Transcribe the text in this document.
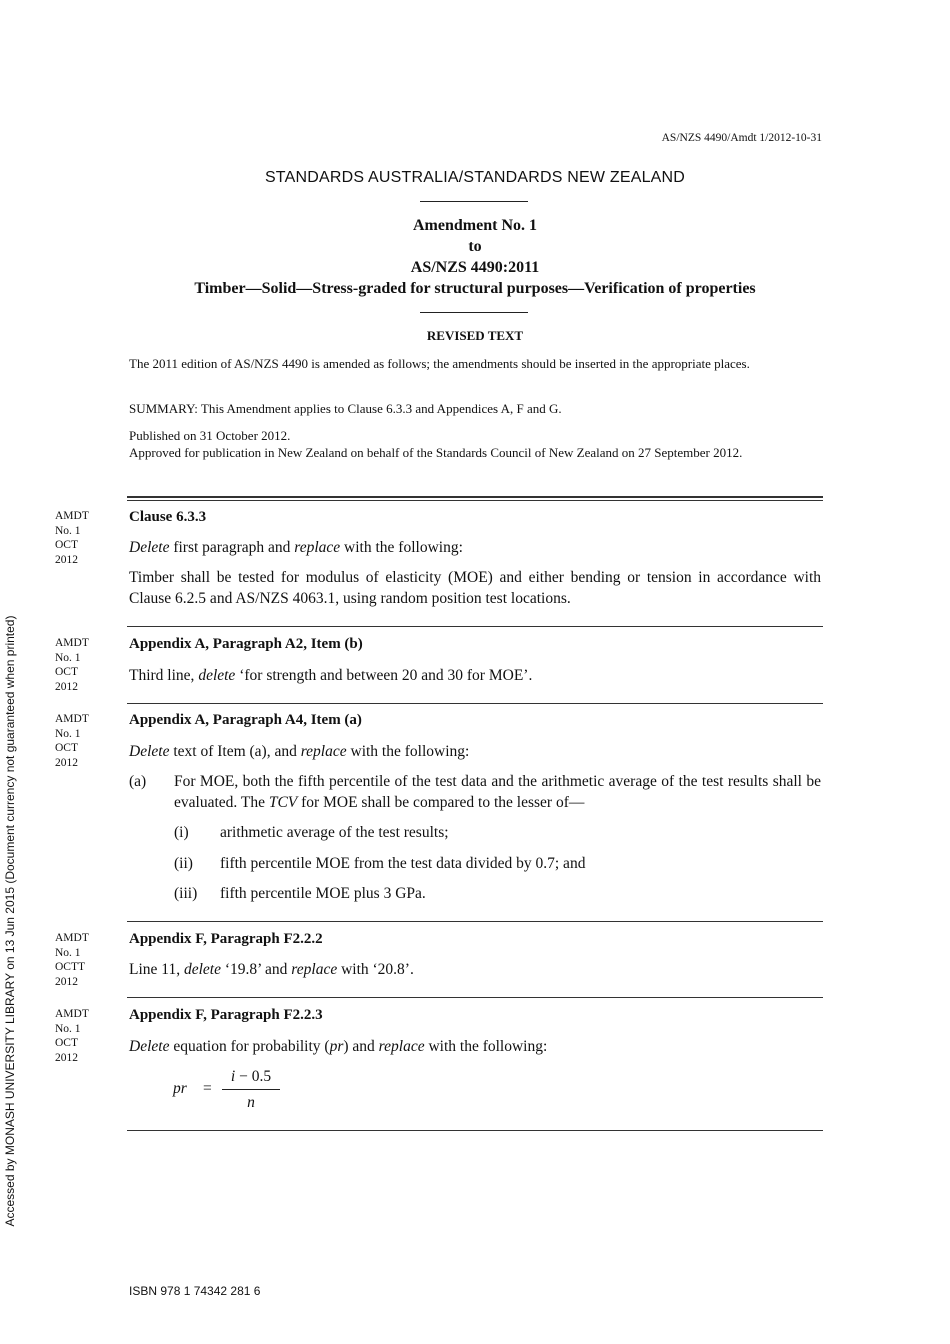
AS/NZS 4490/Amdt 1/2012-10-31
STANDARDS AUSTRALIA/STANDARDS NEW ZEALAND
Amendment No. 1
to
AS/NZS 4490:2011
Timber—Solid—Stress-graded for structural purposes—Verification of properties
REVISED TEXT
The 2011 edition of AS/NZS 4490 is amended as follows; the amendments should be inserted in the appropriate places.
SUMMARY: This Amendment applies to Clause 6.3.3 and Appendices A, F and G.
Published on 31 October 2012.
Approved for publication in New Zealand on behalf of the Standards Council of New Zealand on 27 September 2012.
AMDT
No. 1
OCT
2012
Clause 6.3.3
Delete first paragraph and replace with the following:
Timber shall be tested for modulus of elasticity (MOE) and either bending or tension in accordance with Clause 6.2.5 and AS/NZS 4063.1, using random position test locations.
AMDT
No. 1
OCT
2012
Appendix A, Paragraph A2, Item (b)
Third line, delete ‘for strength and between 20 and 30 for MOE’.
AMDT
No. 1
OCT
2012
Appendix A, Paragraph A4, Item (a)
Delete text of Item (a), and replace with the following:
(a)	For MOE, both the fifth percentile of the test data and the arithmetic average of the test results shall be evaluated. The TCV for MOE shall be compared to the lesser of—
(i)	arithmetic average of the test results;
(ii)	fifth percentile MOE from the test data divided by 0.7; and
(iii)	fifth percentile MOE plus 3 GPa.
AMDT
No. 1
OCTT
2012
Appendix F, Paragraph F2.2.2
Line 11, delete ‘19.8’ and replace with ‘20.8’.
AMDT
No. 1
OCT
2012
Appendix F, Paragraph F2.2.3
Delete equation for probability (pr) and replace with the following:
pr =
i − 0.5
n
Accessed by MONASH UNIVERSITY LIBRARY on 13 Jun 2015 (Document currency not guaranteed when printed)
ISBN 978 1 74342 281 6
